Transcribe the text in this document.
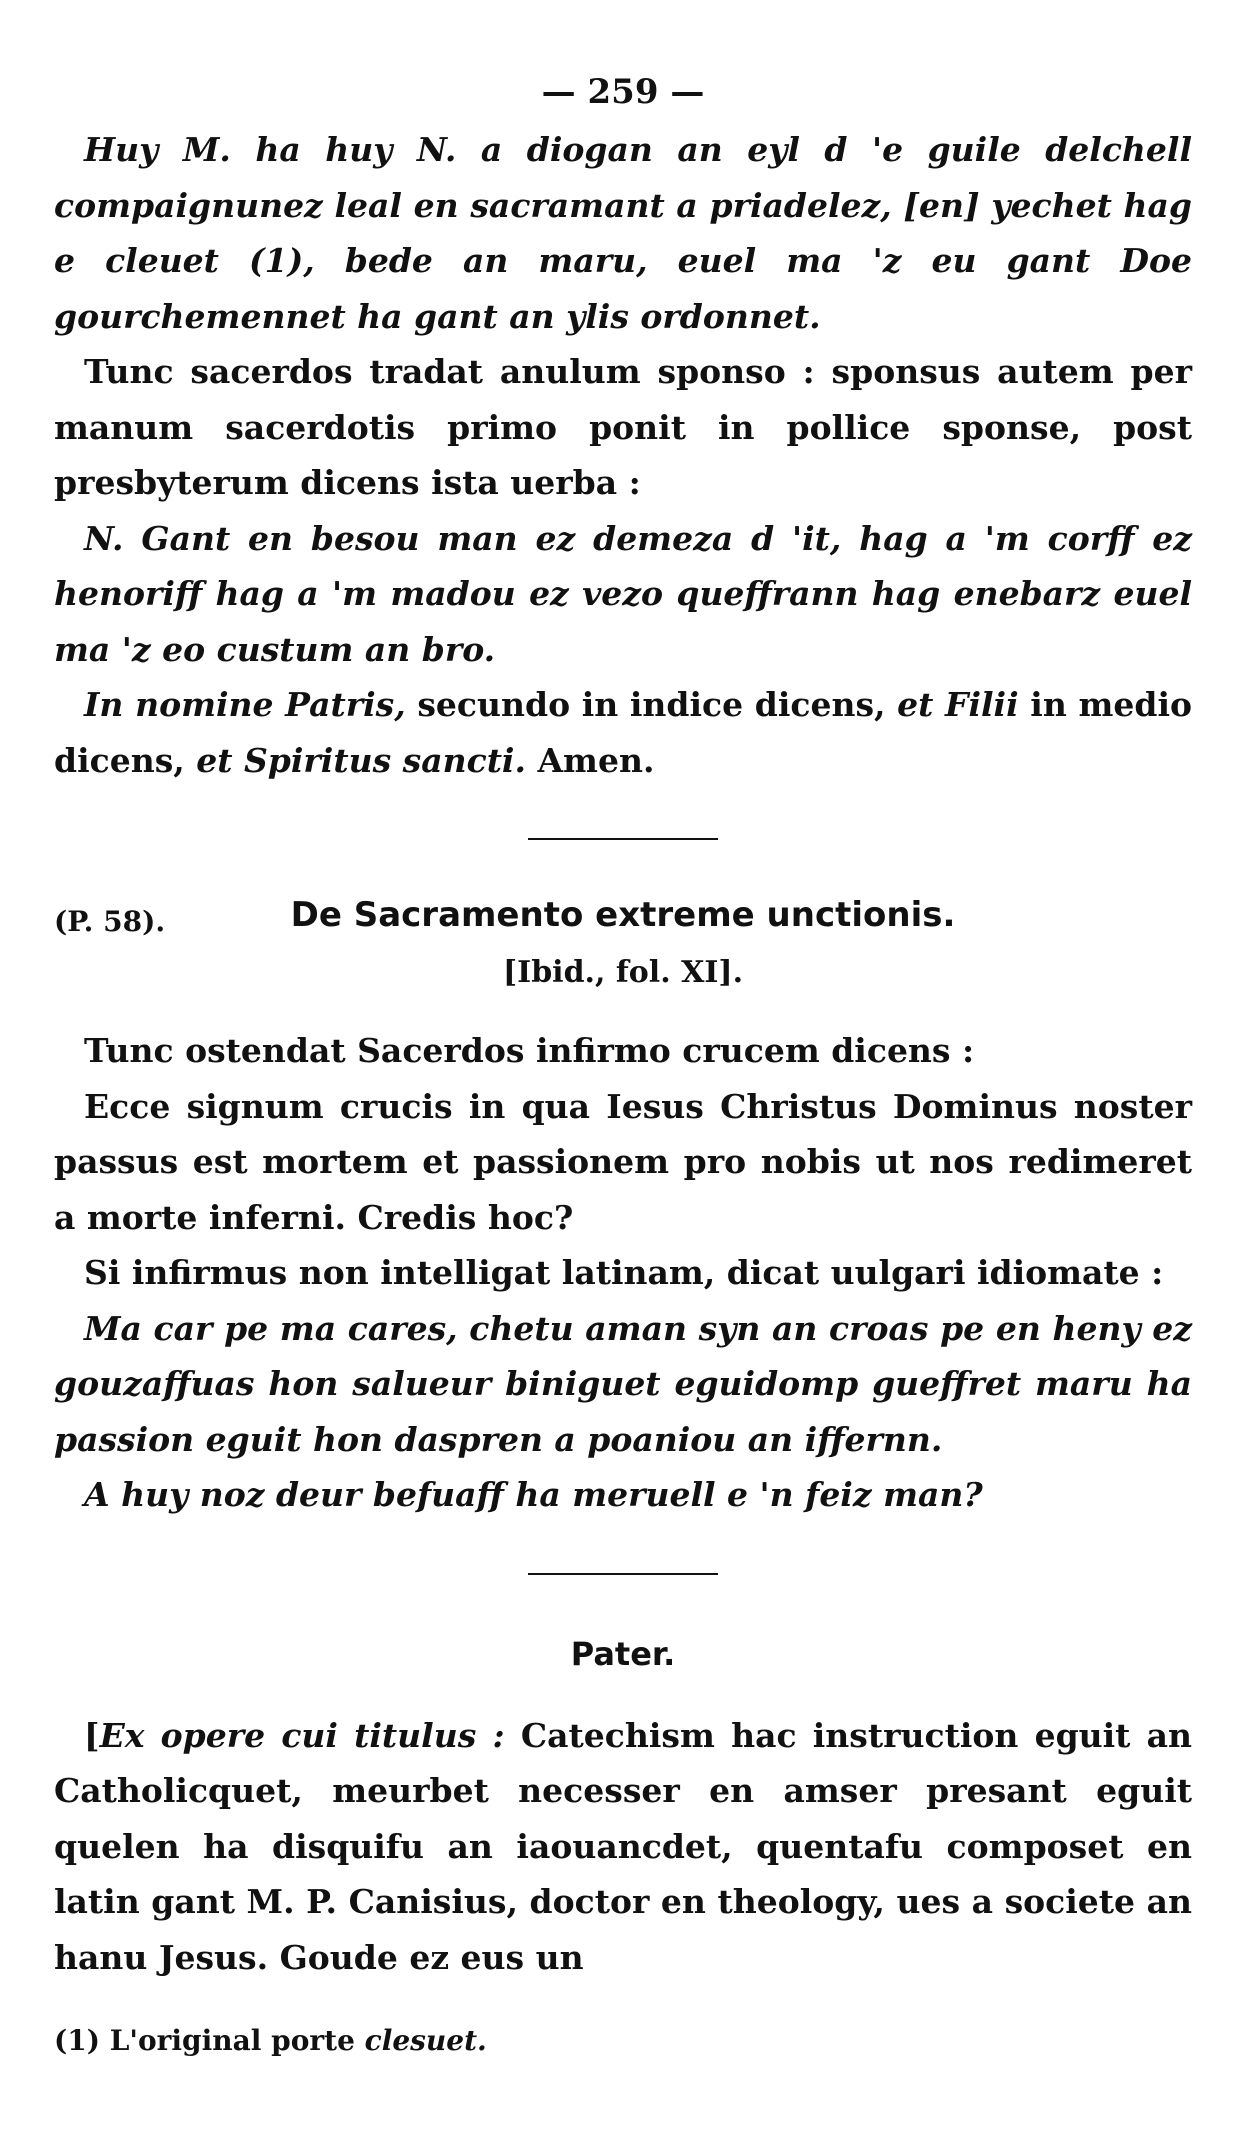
— 259 —

Huy M. ha huy N. a diogan an eyl d 'e guile delchell compaignunez leal en sacramant a priadelez, [en] yechet hag e cleuet (1), bede an maru, euel ma 'z eu gant Doe gourchemennet ha gant an ylis ordonnet.

Tunc sacerdos tradat anulum sponso : sponsus autem per manum sacerdotis primo ponit in pollice sponse, post presbyterum dicens ista uerba :

N. Gant en besou man ez demeza d 'it, hag a 'm corff ez henoriff hag a 'm madou ez vezo queffrann hag enebarz euel ma 'z eo custum an bro.

In nomine Patris, secundo in indice dicens, et Filii in medio dicens, et Spiritus sancti. Amen.

(P. 58).	De Sacramento extreme unctionis.
[Ibid., fol. XI].

Tunc ostendat Sacerdos infirmo crucem dicens :

Ecce signum crucis in qua Iesus Christus Dominus noster passus est mortem et passionem pro nobis ut nos redimeret a morte inferni. Credis hoc?

Si infirmus non intelligat latinam, dicat uulgari idiomate :

Ma car pe ma cares, chetu aman syn an croas pe en heny ez gouzaffuas hon salueur biniguet eguidomp gueffret maru ha passion eguit hon daspren a poaniou an iffernn.

A huy noz deur befuaff ha meruell e 'n feiz man?

Pater.

[Ex opere cui titulus : Catechism hac instruction eguit an Catholicquet, meurbet necesser en amser presant eguit quelen ha disquifu an iaouancdet, quentafu composet en latin gant M. P. Canisius, doctor en theology, ues a societe an hanu Jesus. Goude ez eus un

(1) L'original porte clesuet.
